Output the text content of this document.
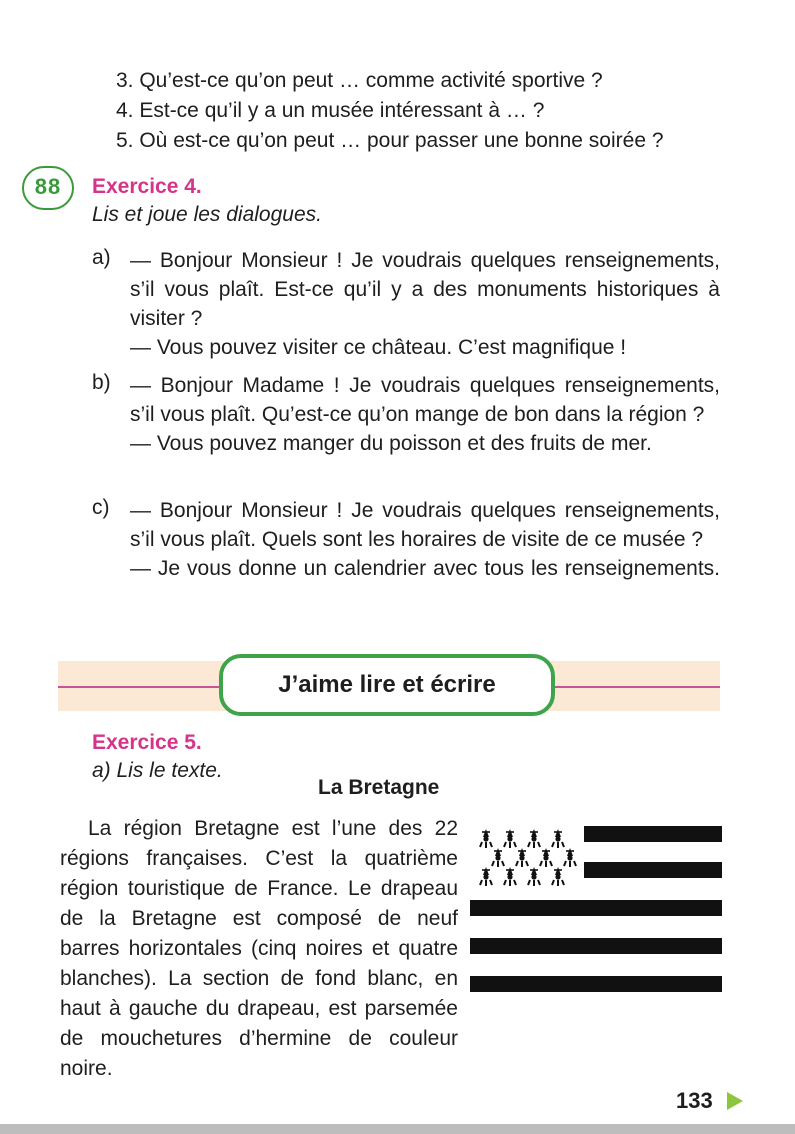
3. Qu’est-ce qu’on peut … comme activité sportive ?
4. Est-ce qu’il y a un musée intéressant à … ?
5. Où est-ce qu’on peut … pour passer une bonne soirée ?
88	Exercice 4.
Lis et joue les dialogues.
a) — Bonjour Monsieur ! Je voudrais quelques renseignements, s’il vous plaît. Est-ce qu’il y a des monuments historiques à visiter ?

— Vous pouvez visiter ce château. C’est magnifique !

b) — Bonjour Madame ! Je voudrais quelques renseignements, s’il vous plaît. Qu’est-ce qu’on mange de bon dans la région ?

— Vous pouvez manger du poisson et des fruits de mer.

c) — Bonjour Monsieur ! Je voudrais quelques renseignements, s’il vous plaît. Quels sont les horaires de visite de ce musée ?

— Je vous donne un calendrier avec tous les renseignements.

J’aime lire et écrire
Exercice 5.
a) Lis le texte.
La Bretagne

La région Bretagne est l’une des 22 régions françaises. C’est la quatrième région touristique de France. Le drapeau de la Bretagne est composé de neuf barres horizontales (cinq noires et quatre blanches). La section de fond blanc, en haut à gauche du drapeau, est parsemée de mouchetures d’hermine de couleur noire.

133
